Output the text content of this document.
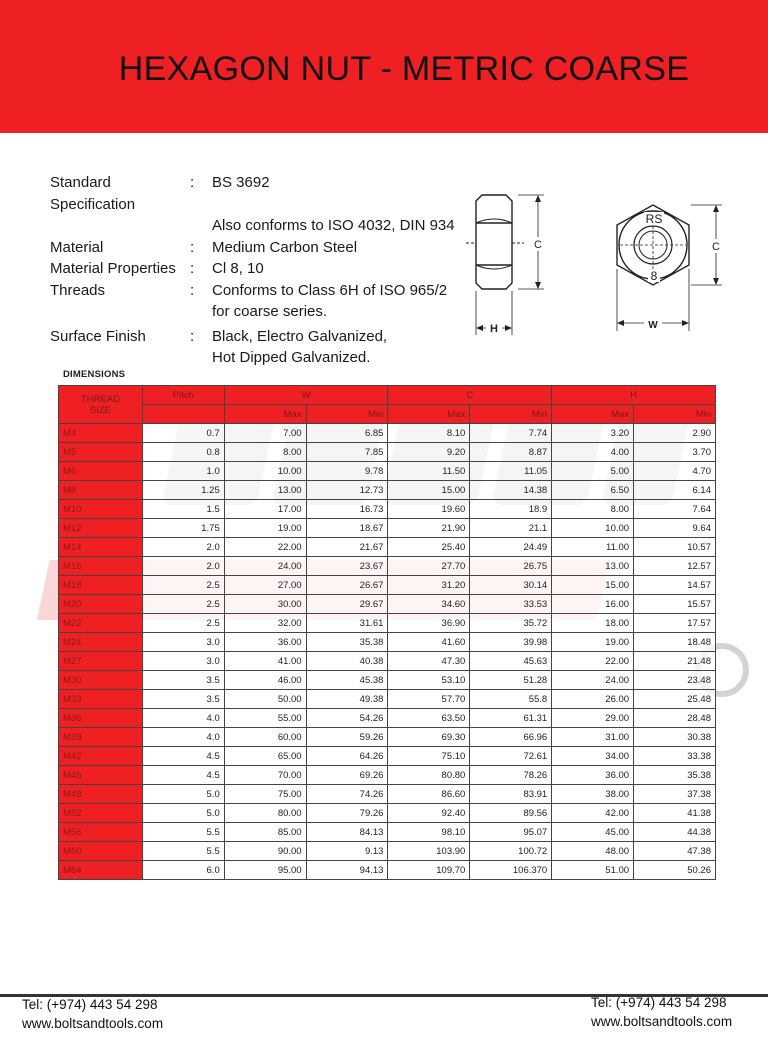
HEXAGON NUT - METRIC COARSE
Standard Specification
:	BS 3692
Also conforms to ISO 4032, DIN 934
Material	:	Medium Carbon Steel
Material Properties :	Cl 8, 10
Threads	:	Conforms to Class 6H of ISO 965/2
for coarse series.
Surface Finish	:	Black, Electro Galvanized,
Hot Dipped Galvanized.
H
C
RS
8
C
W
DIMENSIONS
THREAD
SIZE	Pitch	W		C		H	
		Max	Min	Max	Min	Max	Min
M4	0.7	7.00	6.85	8.10	7.74	3.20	2.90
M5	0.8	8.00	7.85	9.20	8.87	4.00	3.70
M6	1.0	10.00	9.78	11.50	11.05	5.00	4.70
M8	1.25	13.00	12.73	15.00	14.38	6.50	6.14
M10	1.5	17.00	16.73	19.60	18.9	8.00	7.64
M12	1.75	19.00	18.67	21.90	21.1	10.00	9.64
M14	2.0	22.00	21.67	25.40	24.49	11.00	10.57
M16	2.0	24.00	23.67	27.70	26.75	13.00	12.57
M18	2.5	27.00	26.67	31.20	30.14	15.00	14.57
M20	2.5	30.00	29.67	34.60	33.53	16.00	15.57
M22	2.5	32.00	31.61	36.90	35.72	18.00	17.57
M24	3.0	36.00	35.38	41.60	39.98	19.00	18.48
M27	3.0	41.00	40.38	47.30	45.63	22.00	21.48
M30	3.5	46.00	45.38	53.10	51.28	24.00	23.48
M33	3.5	50.00	49.38	57.70	55.8	26.00	25.48
M36	4.0	55.00	54.26	63.50	61.31	29.00	28.48
M39	4.0	60.00	59.26	69.30	66.96	31.00	30.38
M42	4.5	65.00	64.26	75.10	72.61	34.00	33.38
M45	4.5	70.00	69.26	80.80	78.26	36.00	35.38
M48	5.0	75.00	74.26	86.60	83.91	38.00	37.38
M52	5.0	80.00	79.26	92.40	89.56	42.00	41.38
M56	5.5	85.00	84.13	98.10	95.07	45.00	44.38
M60	5.5	90.00	9.13	103.90	100.72	48.00	47.38
M64	6.0	95.00	94.13	109.70	106.370	51.00	50.26
Tel: (+974) 443 54 298
www.boltsandtools.com
Tel: (+974) 443 54 298
www.boltsandtools.com
